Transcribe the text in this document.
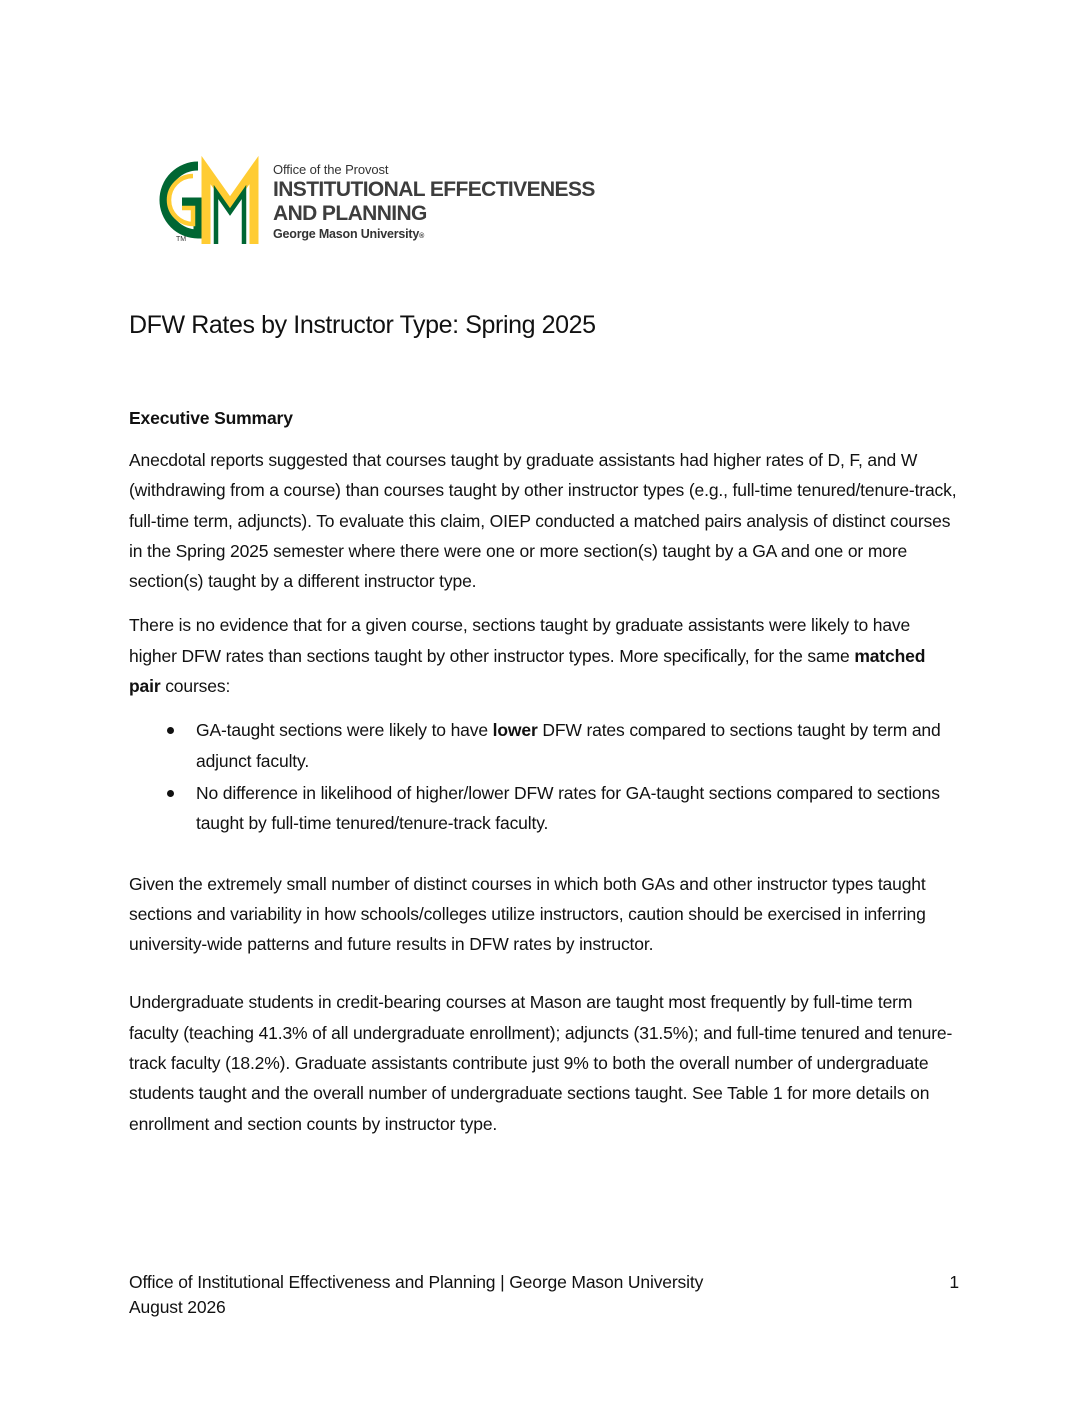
TM
Office of the Provost
INSTITUTIONAL EFFECTIVENESS
AND PLANNING
George Mason University®
DFW Rates by Instructor Type: Spring 2025
Executive Summary

Anecdotal reports suggested that courses taught by graduate assistants had higher rates of D, F, and W (withdrawing from a course) than courses taught by other instructor types (e.g., full-time tenured/tenure-track, full-time term, adjuncts). To evaluate this claim, OIEP conducted a matched pairs analysis of distinct courses in the Spring 2025 semester where there were one or more section(s) taught by a GA and one or more section(s) taught by a different instructor type.

There is no evidence that for a given course, sections taught by graduate assistants were likely to have higher DFW rates than sections taught by other instructor types. More specifically, for the same matched pair courses:

GA-taught sections were likely to have lower DFW rates compared to sections taught by term and adjunct faculty.
No difference in likelihood of higher/lower DFW rates for GA-taught sections compared to sections taught by full-time tenured/tenure-track faculty.

Given the extremely small number of distinct courses in which both GAs and other instructor types taught sections and variability in how schools/colleges utilize instructors, caution should be exercised in inferring university-wide patterns and future results in DFW rates by instructor.

Undergraduate students in credit-bearing courses at Mason are taught most frequently by full-time term faculty (teaching 41.3% of all undergraduate enrollment); adjuncts (31.5%); and full-time tenured and tenure-track faculty (18.2%). Graduate assistants contribute just 9% to both the overall number of undergraduate students taught and the overall number of undergraduate sections taught. See Table 1 for more details on enrollment and section counts by instructor type.

Office of Institutional Effectiveness and Planning | George Mason University
August 2026
1
